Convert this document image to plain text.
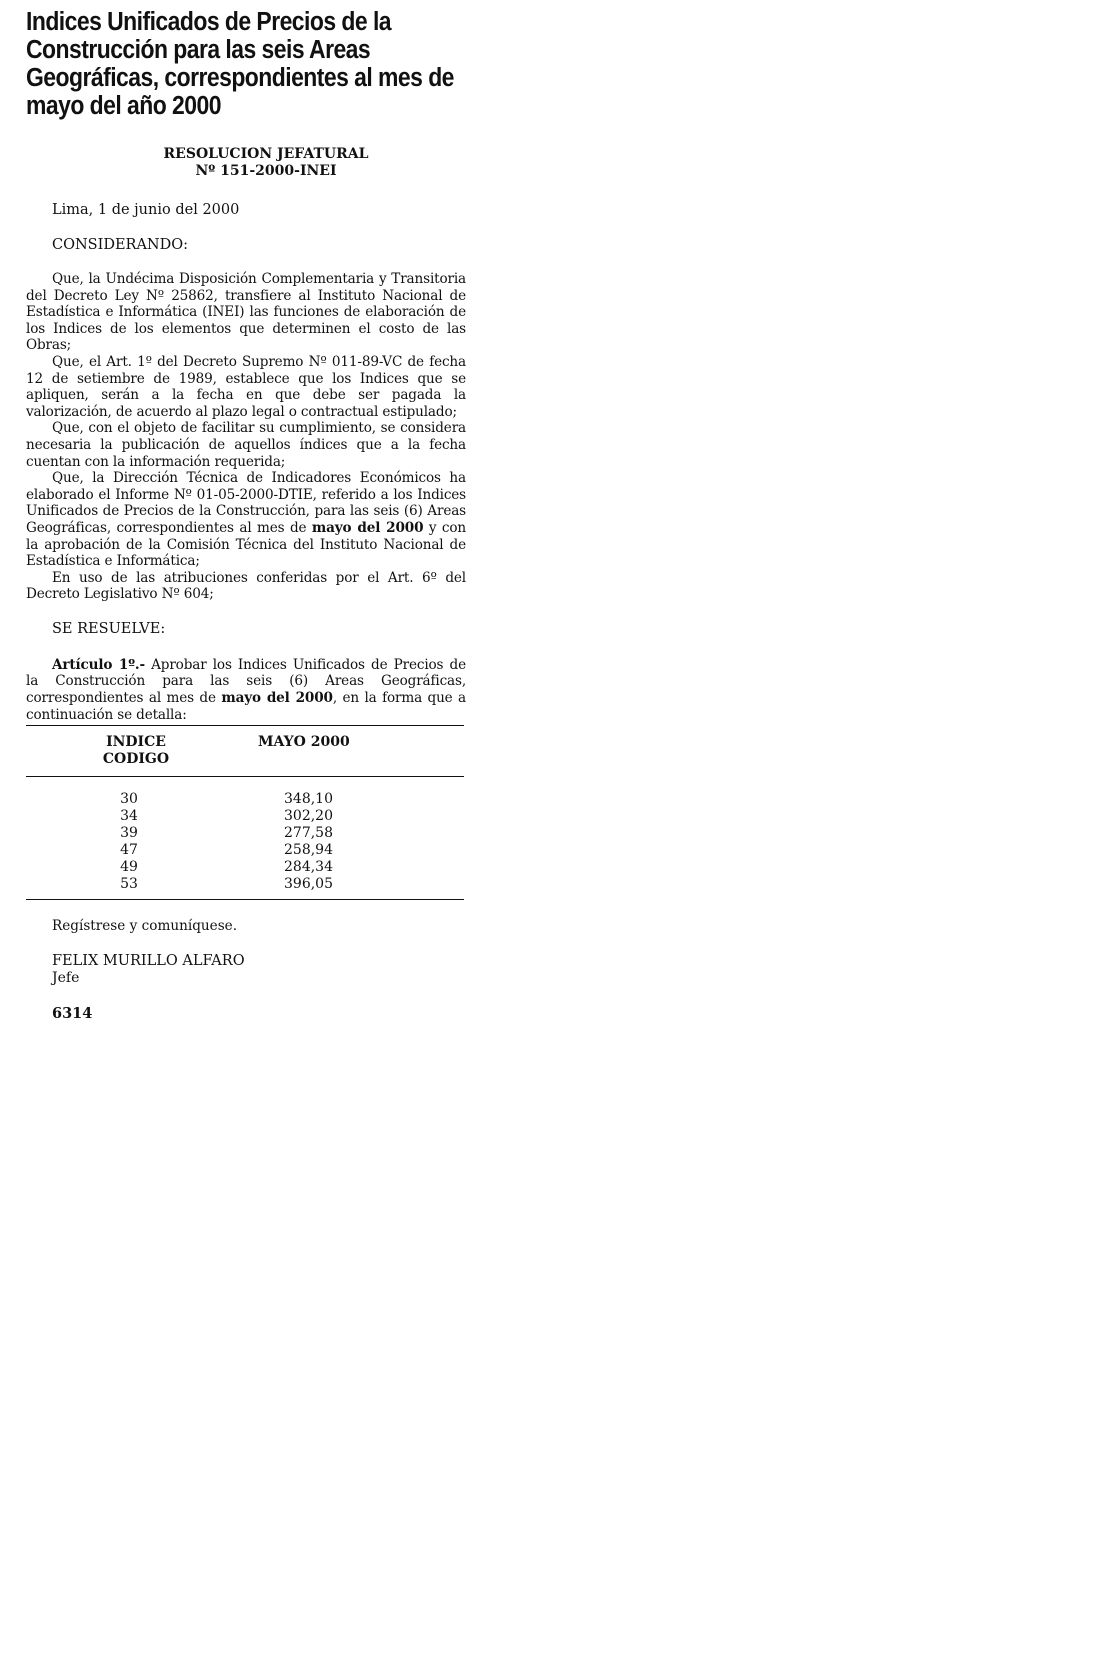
Indices Unificados de Precios de la Construcción para las seis Areas Geográficas, correspondientes al mes de mayo del año 2000
RESOLUCION JEFATURAL
Nº 151-2000-INEI
Lima, 1 de junio del 2000
CONSIDERANDO:

Que, la Undécima Disposición Complementaria y Transitoria del Decreto Ley Nº 25862, transfiere al Instituto Nacional de Estadística e Informática (INEI) las funciones de elaboración de los Indices de los elementos que determinen el costo de las Obras;

Que, el Art. 1º del Decreto Supremo Nº 011-89-VC de fecha 12 de setiembre de 1989, establece que los Indices que se apliquen, serán a la fecha en que debe ser pagada la valorización, de acuerdo al plazo legal o contractual estipulado;

Que, con el objeto de facilitar su cumplimiento, se considera necesaria la publicación de aquellos índices que a la fecha cuentan con la información requerida;

Que, la Dirección Técnica de Indicadores Económicos ha elaborado el Informe Nº 01-05-2000-DTIE, referido a los Indices Unificados de Precios de la Construcción, para las seis (6) Areas Geográficas, correspondientes al mes de mayo del 2000 y con la aprobación de la Comisión Técnica del Instituto Nacional de Estadística e Informática;

En uso de las atribuciones conferidas por el Art. 6º del Decreto Legislativo Nº 604;

SE RESUELVE:

Artículo 1º.- Aprobar los Indices Unificados de Precios de la Construcción para las seis (6) Areas Geográficas, correspondientes al mes de mayo del 2000, en la forma que a continuación se detalla:

INDICE
CODIGO
MAYO 2000
30	348,10
34	302,20
39	277,58
47	258,94
49	284,34
53	396,05
Regístrese y comuníquese.
FELIX MURILLO ALFARO
Jefe
6314
